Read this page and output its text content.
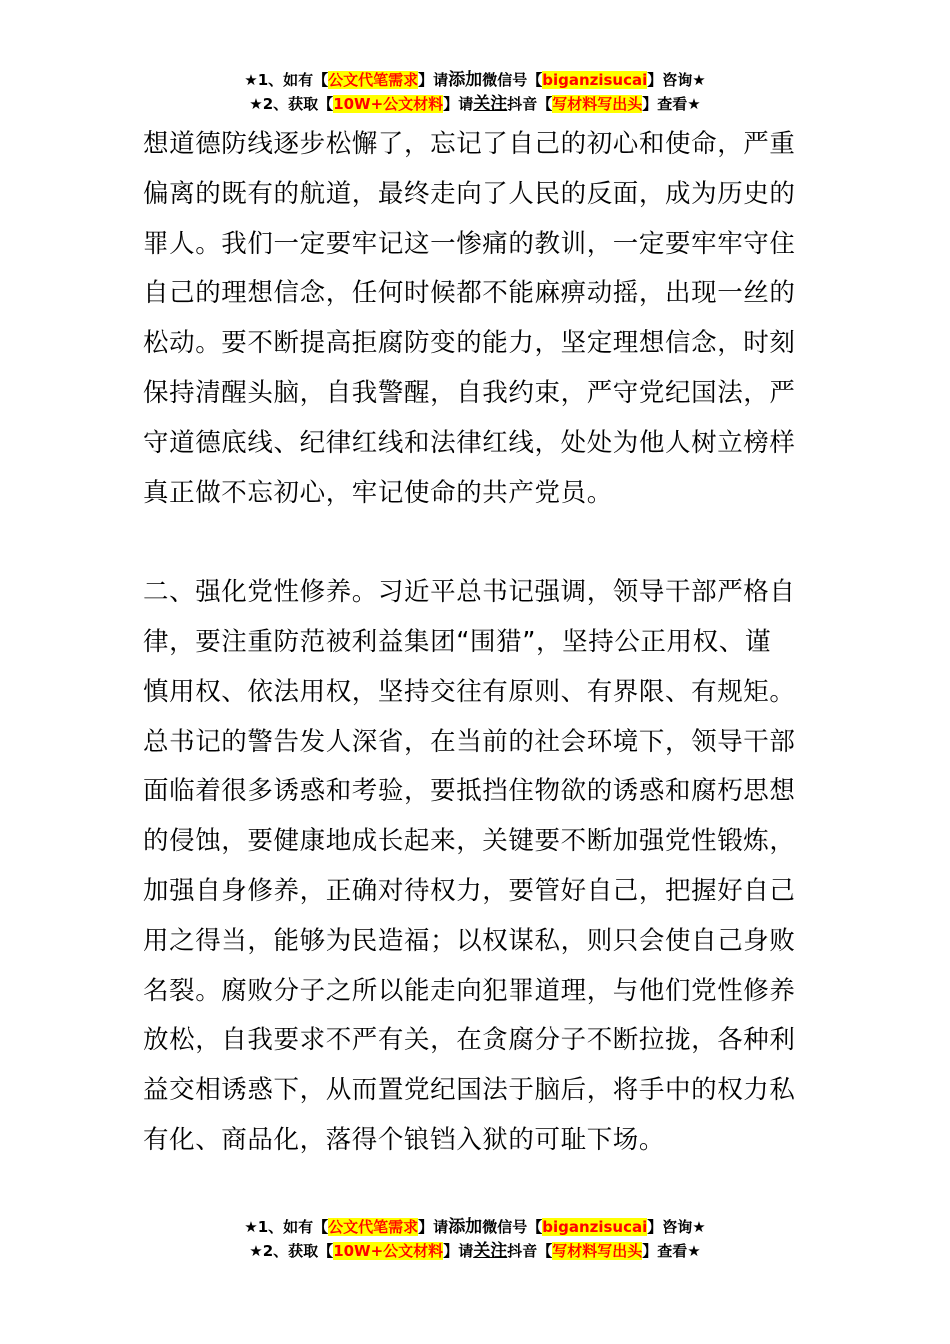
★1、如有【公文代笔需求】请添加微信号【biganzisucai】咨询★
★2、获取【10W+公文材料】请关注抖音【写材料写出头】查看★

想道德防线逐步松懈了，忘记了自己的初心和使命，严重
偏离的既有的航道，最终走向了人民的反面，成为历史的
罪人。我们一定要牢记这一惨痛的教训，一定要牢牢守住
自己的理想信念，任何时候都不能麻痹动摇，出现一丝的
松动。要不断提高拒腐防变的能力，坚定理想信念，时刻
保持清醒头脑，自我警醒，自我约束，严守党纪国法，严
守道德底线、纪律红线和法律红线，处处为他人树立榜样
真正做不忘初心，牢记使命的共产党员。

二、强化党性修养。习近平总书记强调，领导干部严格自
律，要注重防范被利益集团“围猎”，坚持公正用权、谨
慎用权、依法用权，坚持交往有原则、有界限、有规矩。
总书记的警告发人深省，在当前的社会环境下，领导干部
面临着很多诱惑和考验，要抵挡住物欲的诱惑和腐朽思想
的侵蚀，要健康地成长起来，关键要不断加强党性锻炼，
加强自身修养，正确对待权力，要管好自己，把握好自己
用之得当，能够为民造福；以权谋私，则只会使自己身败
名裂。腐败分子之所以能走向犯罪道理，与他们党性修养
放松，自我要求不严有关，在贪腐分子不断拉拢，各种利
益交相诱惑下，从而置党纪国法于脑后，将手中的权力私
有化、商品化，落得个锒铛入狱的可耻下场。

★1、如有【公文代笔需求】请添加微信号【biganzisucai】咨询★
★2、获取【10W+公文材料】请关注抖音【写材料写出头】查看★
